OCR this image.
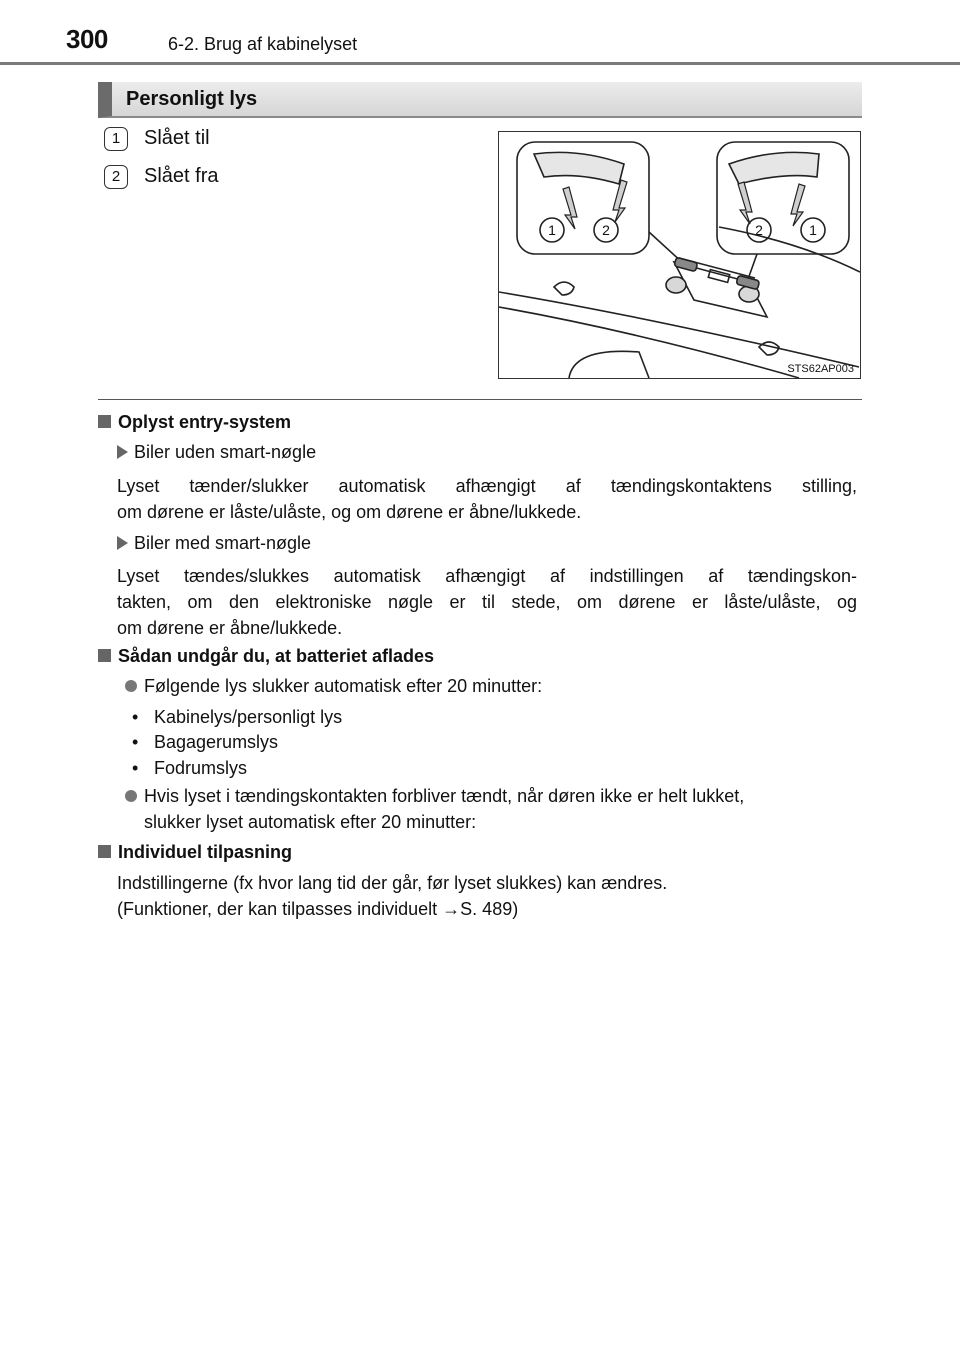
300	6-2. Brug af kabinelyset
Personligt lys
1	Slået til
2	Slået fra
1	2	2	1
STS62AP003
Oplyst entry-system
Biler uden smart-nøgle
Lyset tænder/slukker automatisk afhængigt af tændingskontaktens stilling,
om dørene er låste/ulåste, og om dørene er åbne/lukkede.
Biler med smart-nøgle
Lyset tændes/slukkes automatisk afhængigt af indstillingen af tændingskon-
takten, om den elektroniske nøgle er til stede, om dørene er låste/ulåste, og
om dørene er åbne/lukkede.
Sådan undgår du, at batteriet aflades
Følgende lys slukker automatisk efter 20 minutter:
• Kabinelys/personligt lys
• Bagagerumslys
• Fodrumslys
Hvis lyset i tændingskontakten forbliver tændt, når døren ikke er helt lukket,
slukker lyset automatisk efter 20 minutter:
Individuel tilpasning
Indstillingerne (fx hvor lang tid der går, før lyset slukkes) kan ændres.
(Funktioner, der kan tilpasses individuelt →S. 489)
